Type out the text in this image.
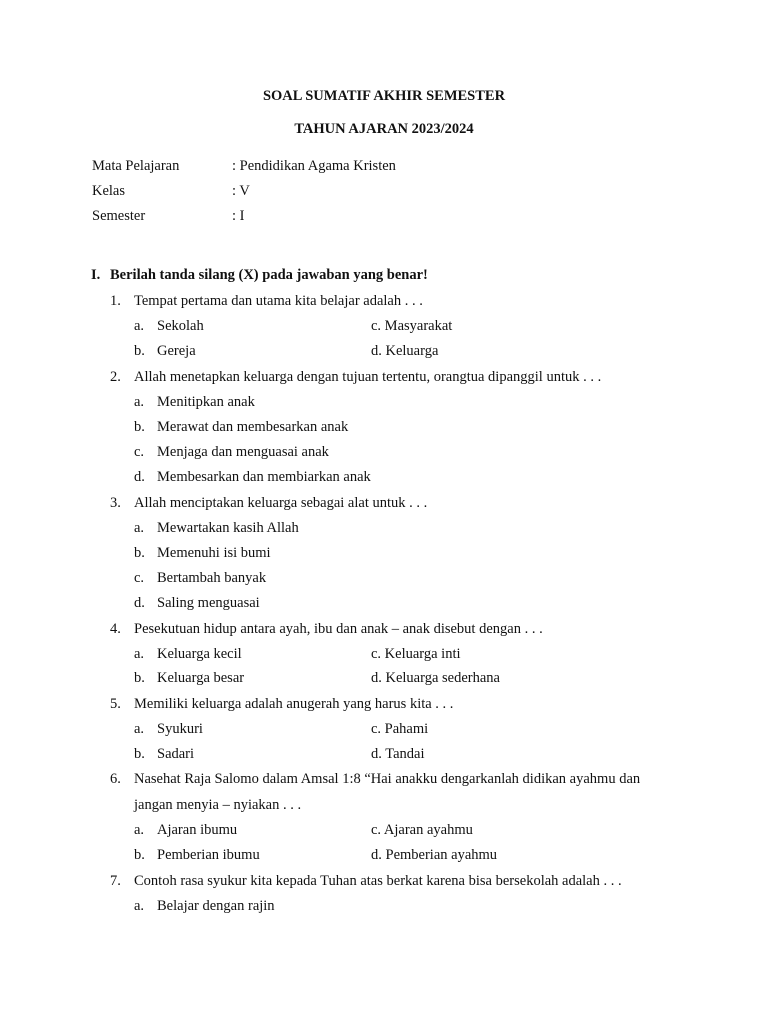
SOAL SUMATIF AKHIR SEMESTER
TAHUN AJARAN 2023/2024
Mata Pelajaran	: Pendidikan Agama Kristen
Kelas	: V
Semester	: I
I. Berilah tanda silang (X) pada jawaban yang benar!
1. Tempat pertama dan utama kita belajar adalah . . .
a. Sekolah	c. Masyarakat
b. Gereja	d. Keluarga
2. Allah menetapkan keluarga dengan tujuan tertentu, orangtua dipanggil untuk . . .
a. Menitipkan anak
b. Merawat dan membesarkan anak
c. Menjaga dan menguasai anak
d. Membesarkan dan membiarkan anak
3. Allah menciptakan keluarga sebagai alat untuk . . .
a. Mewartakan kasih Allah
b. Memenuhi isi bumi
c. Bertambah banyak
d. Saling menguasai
4. Pesekutuan hidup antara ayah, ibu dan anak – anak disebut dengan . . .
a. Keluarga kecil	c. Keluarga inti
b. Keluarga besar	d. Keluarga sederhana
5. Memiliki keluarga adalah anugerah yang harus kita . . .
a. Syukuri	c. Pahami
b. Sadari	d. Tandai
6. Nasehat Raja Salomo dalam Amsal 1:8 “Hai anakku dengarkanlah didikan ayahmu dan
jangan menyia – nyiakan . . .
a. Ajaran ibumu	c. Ajaran ayahmu
b. Pemberian ibumu	d. Pemberian ayahmu
7. Contoh rasa syukur kita kepada Tuhan atas berkat karena bisa bersekolah adalah . . .
a. Belajar dengan rajin
